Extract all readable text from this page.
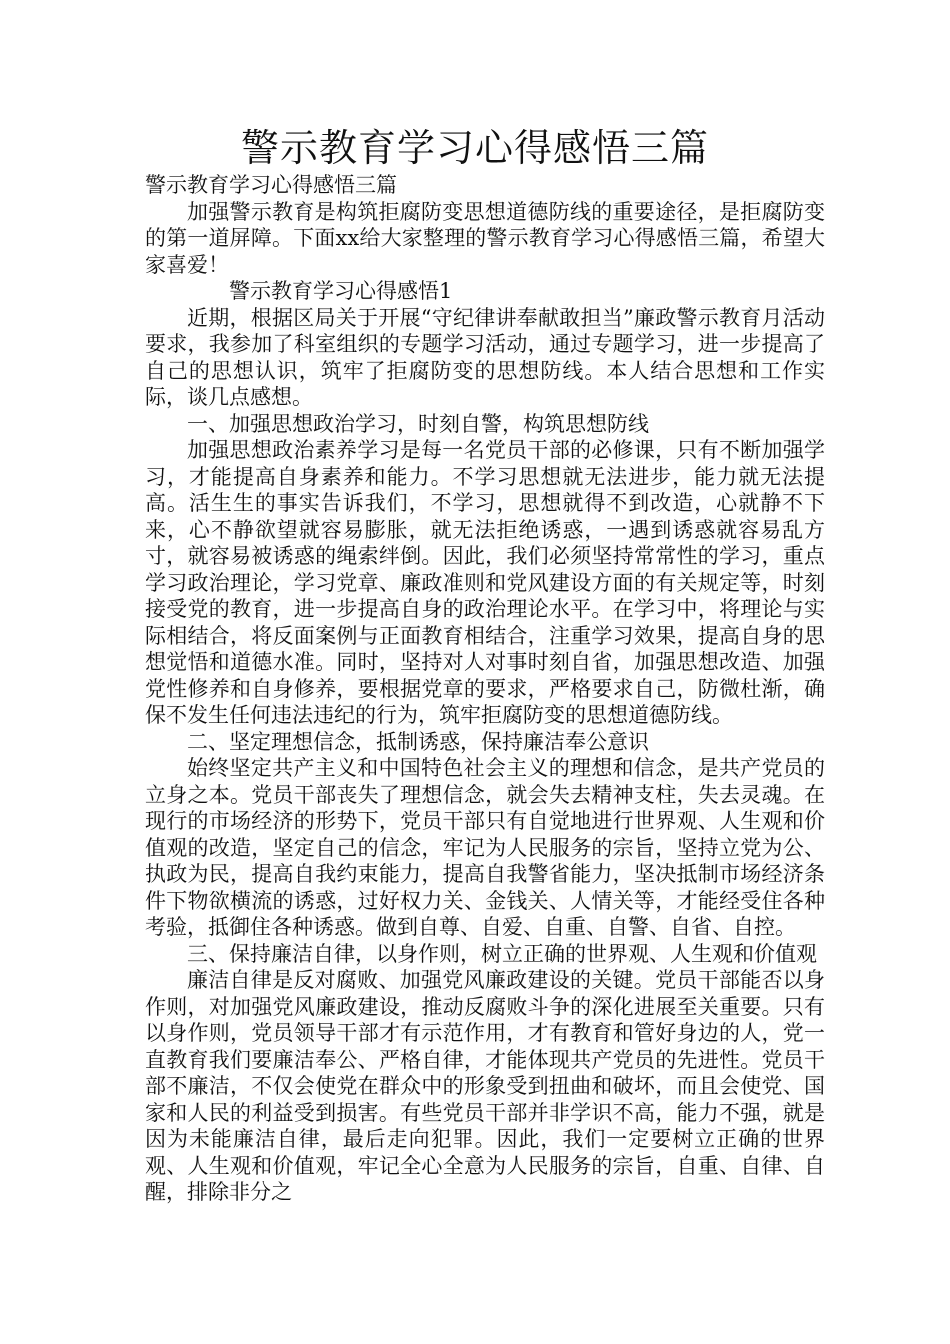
警示教育学习心得感悟三篇

警示教育学习心得感悟三篇

加强警示教育是构筑拒腐防变思想道德防线的重要途径，是拒腐防变的第一道屏障。下面xx给大家整理的警示教育学习心得感悟三篇，希望大家喜爱！

警示教育学习心得感悟1

近期，根据区局关于开展“守纪律讲奉献敢担当”廉政警示教育月活动要求，我参加了科室组织的专题学习活动，通过专题学习，进一步提高了自己的思想认识，筑牢了拒腐防变的思想防线。本人结合思想和工作实际，谈几点感想。

一、加强思想政治学习，时刻自警，构筑思想防线

加强思想政治素养学习是每一名党员干部的必修课，只有不断加强学习，才能提高自身素养和能力。不学习思想就无法进步，能力就无法提高。活生生的事实告诉我们，不学习，思想就得不到改造，心就静不下来，心不静欲望就容易膨胀，就无法拒绝诱惑，一遇到诱惑就容易乱方寸，就容易被诱惑的绳索绊倒。因此，我们必须坚持常常性的学习，重点学习政治理论，学习党章、廉政准则和党风建设方面的有关规定等，时刻接受党的教育，进一步提高自身的政治理论水平。在学习中，将理论与实际相结合，将反面案例与正面教育相结合，注重学习效果，提高自身的思想觉悟和道德水准。同时，坚持对人对事时刻自省，加强思想改造、加强党性修养和自身修养，要根据党章的要求，严格要求自己，防微杜渐，确保不发生任何违法违纪的行为，筑牢拒腐防变的思想道德防线。

二、坚定理想信念，抵制诱惑，保持廉洁奉公意识

始终坚定共产主义和中国特色社会主义的理想和信念，是共产党员的立身之本。党员干部丧失了理想信念，就会失去精神支柱，失去灵魂。在现行的市场经济的形势下，党员干部只有自觉地进行世界观、人生观和价值观的改造，坚定自己的信念，牢记为人民服务的宗旨，坚持立党为公、执政为民，提高自我约束能力，提高自我警省能力，坚决抵制市场经济条件下物欲横流的诱惑，过好权力关、金钱关、人情关等，才能经受住各种考验，抵御住各种诱惑。做到自尊、自爱、自重、自警、自省、自控。

三、保持廉洁自律，以身作则，树立正确的世界观、人生观和价值观

廉洁自律是反对腐败、加强党风廉政建设的关键。党员干部能否以身作则，对加强党风廉政建设，推动反腐败斗争的深化进展至关重要。只有以身作则，党员领导干部才有示范作用，才有教育和管好身边的人，党一直教育我们要廉洁奉公、严格自律，才能体现共产党员的先进性。党员干部不廉洁，不仅会使党在群众中的形象受到扭曲和破坏，而且会使党、国家和人民的利益受到损害。有些党员干部并非学识不高，能力不强，就是因为未能廉洁自律，最后走向犯罪。因此，我们一定要树立正确的世界观、人生观和价值观，牢记全心全意为人民服务的宗旨，自重、自律、自醒，排除非分之
